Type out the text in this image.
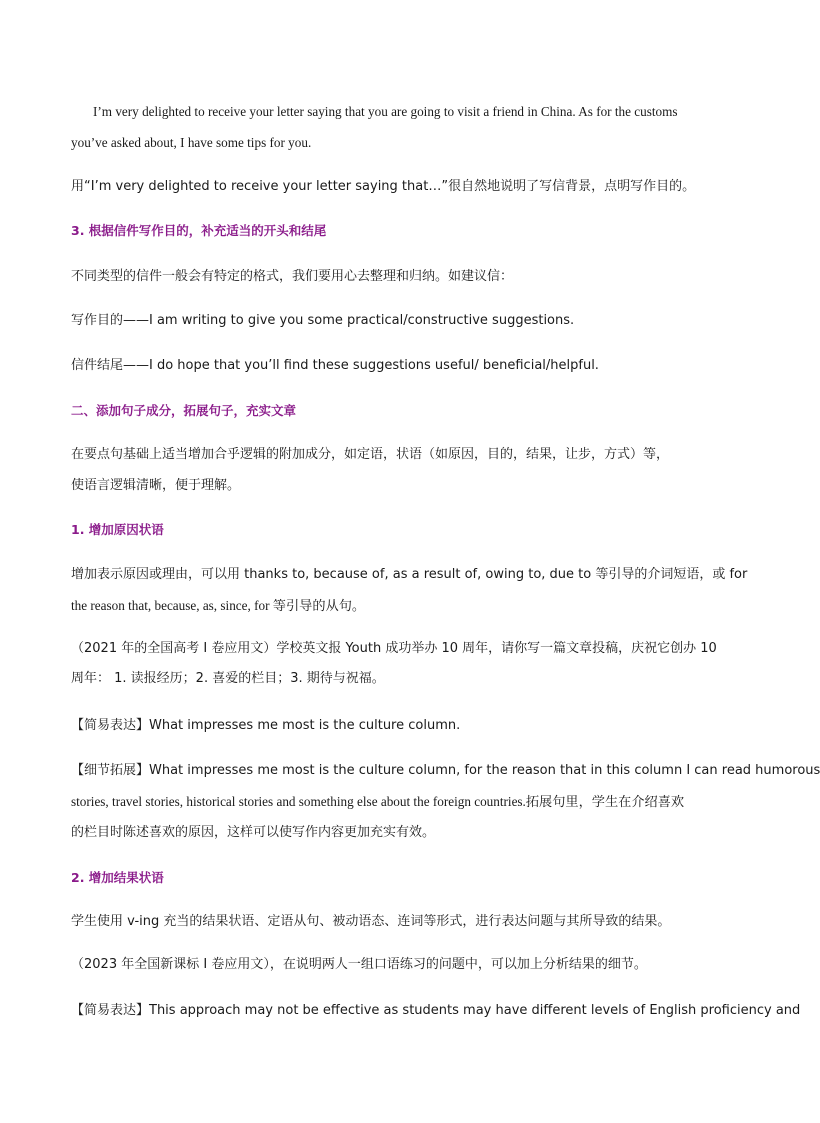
I’m very delighted to receive your letter saying that you are going to visit a friend in China. As for the customs
you’ve asked about, I have some tips for you.
用“I’m very delighted to receive your letter saying that…”很自然地说明了写信背景，点明写作目的。
3. 根据信件写作目的，补充适当的开头和结尾
不同类型的信件一般会有特定的格式，我们要用心去整理和归纳。如建议信：
写作目的——I am writing to give you some practical/constructive suggestions.
信件结尾——I do hope that you’ll find these suggestions useful/ beneficial/helpful.
二、添加句子成分，拓展句子，充实文章
在要点句基础上适当增加合乎逻辑的附加成分，如定语，状语（如原因，目的，结果，让步，方式）等，
使语言逻辑清晰，便于理解。
1. 增加原因状语
增加表示原因或理由，可以用 thanks to, because of, as a result of, owing to, due to 等引导的介词短语，或 for
the reason that, because, as, since, for 等引导的从句。
（2021 年的全国高考 I 卷应用文）学校英文报 Youth 成功举办 10 周年，请你写一篇文章投稿，庆祝它创办 10
周年： 1. 读报经历；2. 喜爱的栏目；3. 期待与祝福。
【简易表达】What impresses me most is the culture column.
【细节拓展】What impresses me most is the culture column, for the reason that in this column I can read humorous
stories, travel stories, historical stories and something else about the foreign countries.拓展句里，学生在介绍喜欢
的栏目时陈述喜欢的原因，这样可以使写作内容更加充实有效。
2. 增加结果状语
学生使用 v-ing 充当的结果状语、定语从句、被动语态、连词等形式，进行表达问题与其所导致的结果。
（2023 年全国新课标 I 卷应用文），在说明两人一组口语练习的问题中，可以加上分析结果的细节。
【简易表达】This approach may not be effective as students may have different levels of English proficiency and
